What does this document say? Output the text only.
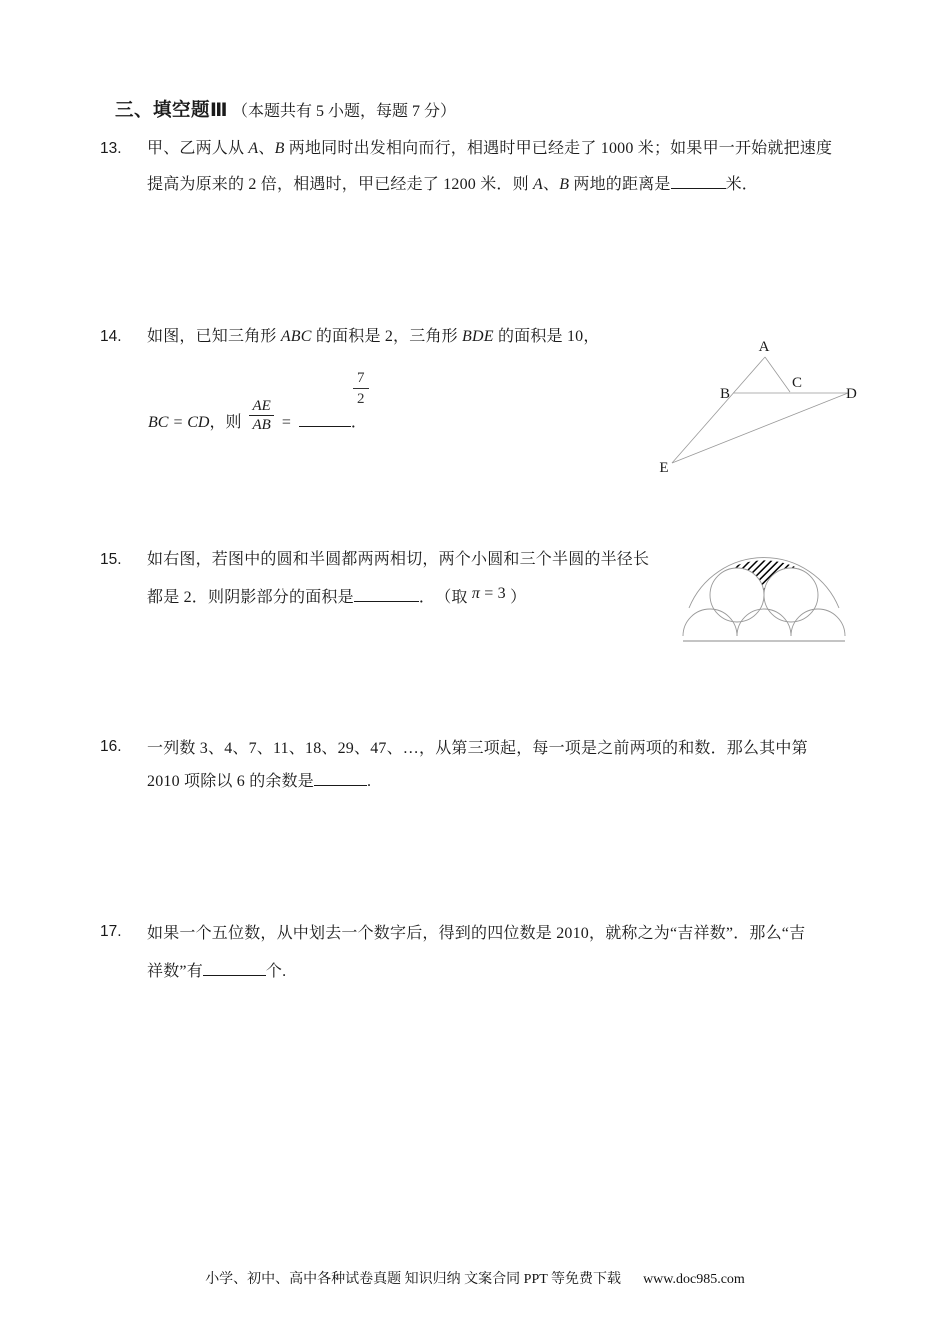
三、填空题Ⅲ （本题共有 5 小题，每题 7 分）
13. 甲、乙两人从 A、B 两地同时出发相向而行，相遇时甲已经走了 1000 米；如果甲一开始就把速度
提高为原来的 2 倍，相遇时，甲已经走了 1200 米．则 A、B 两地的距离是	米．
14. 如图，已知三角形 ABC 的面积是 2，三角形 BDE 的面积是 10，
BC = CD，则 $\frac{AE}{AB}$ =	．
$\frac{7}{2}$
A
B
C
D
E
15. 如右图，若图中的圆和半圆都两两相切，两个小圆和三个半圆的半径长
都是 2．则阴影部分的面积是	．　（取 π = 3 ）
16. 一列数 3、4、7、11、18、29、47、…，从第三项起，每一项是之前两项的和数．那么其中第
2010 项除以 6 的余数是	.
17. 如果一个五位数，从中划去一个数字后，得到的四位数是 2010，就称之为“吉祥数”．那么“吉
祥数”有	个.
小学、初中、高中各种试卷真题 知识归纳 文案合同 PPT 等免费下载 www.doc985.com
